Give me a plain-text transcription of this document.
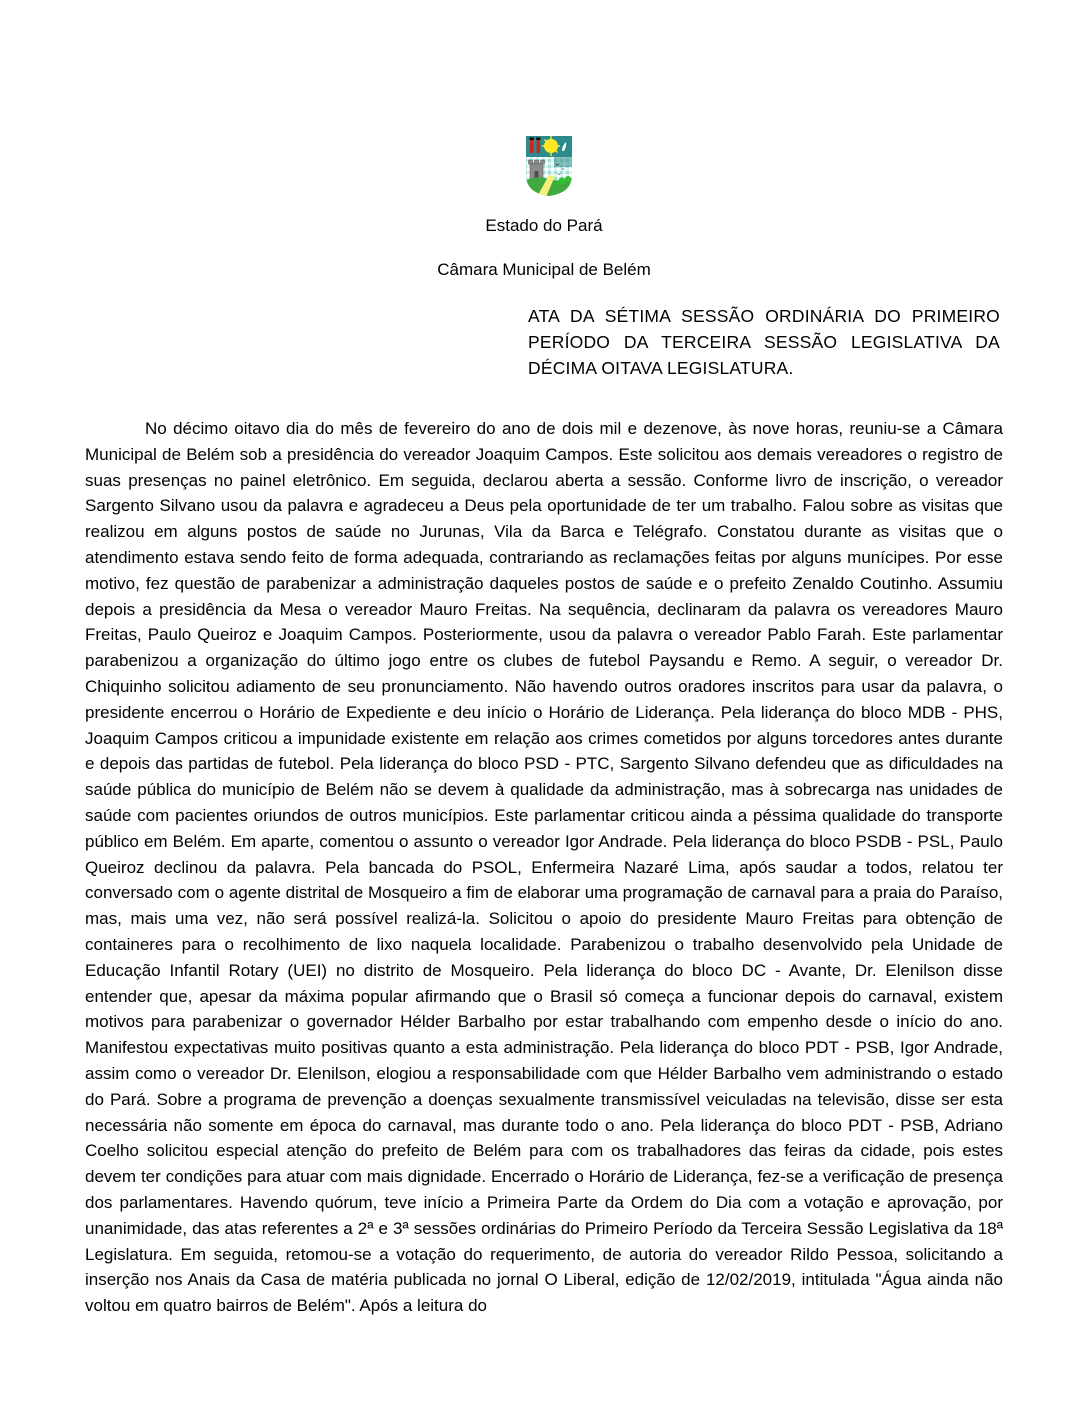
Estado do Pará
Câmara Municipal de Belém
ATA DA SÉTIMA SESSÃO ORDINÁRIA DO PRIMEIRO PERÍODO DA TERCEIRA SESSÃO LEGISLATIVA DA DÉCIMA OITAVA LEGISLATURA.
No décimo oitavo dia do mês de fevereiro do ano de dois mil e dezenove, às nove horas, reuniu-se a Câmara Municipal de Belém sob a presidência do vereador Joaquim Campos. Este solicitou aos demais vereadores o registro de suas presenças no painel eletrônico. Em seguida, declarou aberta a sessão. Conforme livro de inscrição, o vereador Sargento Silvano usou da palavra e agradeceu a Deus pela oportunidade de ter um trabalho. Falou sobre as visitas que realizou em alguns postos de saúde no Jurunas, Vila da Barca e Telégrafo. Constatou durante as visitas que o atendimento estava sendo feito de forma adequada, contrariando as reclamações feitas por alguns munícipes. Por esse motivo, fez questão de parabenizar a administração daqueles postos de saúde e o prefeito Zenaldo Coutinho. Assumiu depois a presidência da Mesa o vereador Mauro Freitas. Na sequência, declinaram da palavra os vereadores Mauro Freitas, Paulo Queiroz e Joaquim Campos. Posteriormente, usou da palavra o vereador Pablo Farah. Este parlamentar parabenizou a organização do último jogo entre os clubes de futebol Paysandu e Remo. A seguir, o vereador Dr. Chiquinho solicitou adiamento de seu pronunciamento. Não havendo outros oradores inscritos para usar da palavra, o presidente encerrou o Horário de Expediente e deu início o Horário de Liderança. Pela liderança do bloco MDB - PHS, Joaquim Campos criticou a impunidade existente em relação aos crimes cometidos por alguns torcedores antes durante e depois das partidas de futebol. Pela liderança do bloco PSD - PTC, Sargento Silvano defendeu que as dificuldades na saúde pública do município de Belém não se devem à qualidade da administração, mas à sobrecarga nas unidades de saúde com pacientes oriundos de outros municípios. Este parlamentar criticou ainda a péssima qualidade do transporte público em Belém. Em aparte, comentou o assunto o vereador Igor Andrade. Pela liderança do bloco PSDB - PSL, Paulo Queiroz declinou da palavra. Pela bancada do PSOL, Enfermeira Nazaré Lima, após saudar a todos, relatou ter conversado com o agente distrital de Mosqueiro a fim de elaborar uma programação de carnaval para a praia do Paraíso, mas, mais uma vez, não será possível realizá-la. Solicitou o apoio do presidente Mauro Freitas para obtenção de containeres para o recolhimento de lixo naquela localidade. Parabenizou o trabalho desenvolvido pela Unidade de Educação Infantil Rotary (UEI) no distrito de Mosqueiro. Pela liderança do bloco DC - Avante, Dr. Elenilson disse entender que, apesar da máxima popular afirmando que o Brasil só começa a funcionar depois do carnaval, existem motivos para parabenizar o governador Hélder Barbalho por estar trabalhando com empenho desde o início do ano. Manifestou expectativas muito positivas quanto a esta administração. Pela liderança do bloco PDT - PSB, Igor Andrade, assim como o vereador Dr. Elenilson, elogiou a responsabilidade com que Hélder Barbalho vem administrando o estado do Pará. Sobre a programa de prevenção a doenças sexualmente transmissível veiculadas na televisão, disse ser esta necessária não somente em época do carnaval, mas durante todo o ano. Pela liderança do bloco PDT - PSB, Adriano Coelho solicitou especial atenção do prefeito de Belém para com os trabalhadores das feiras da cidade, pois estes devem ter condições para atuar com mais dignidade. Encerrado o Horário de Liderança, fez-se a verificação de presença dos parlamentares. Havendo quórum, teve início a Primeira Parte da Ordem do Dia com a votação e aprovação, por unanimidade, das atas referentes a 2ª e 3ª sessões ordinárias do Primeiro Período da Terceira Sessão Legislativa da 18ª Legislatura. Em seguida, retomou-se a votação do requerimento, de autoria do vereador Rildo Pessoa, solicitando a inserção nos Anais da Casa de matéria publicada no jornal O Liberal, edição de 12/02/2019, intitulada "Água ainda não voltou em quatro bairros de Belém". Após a leitura do
